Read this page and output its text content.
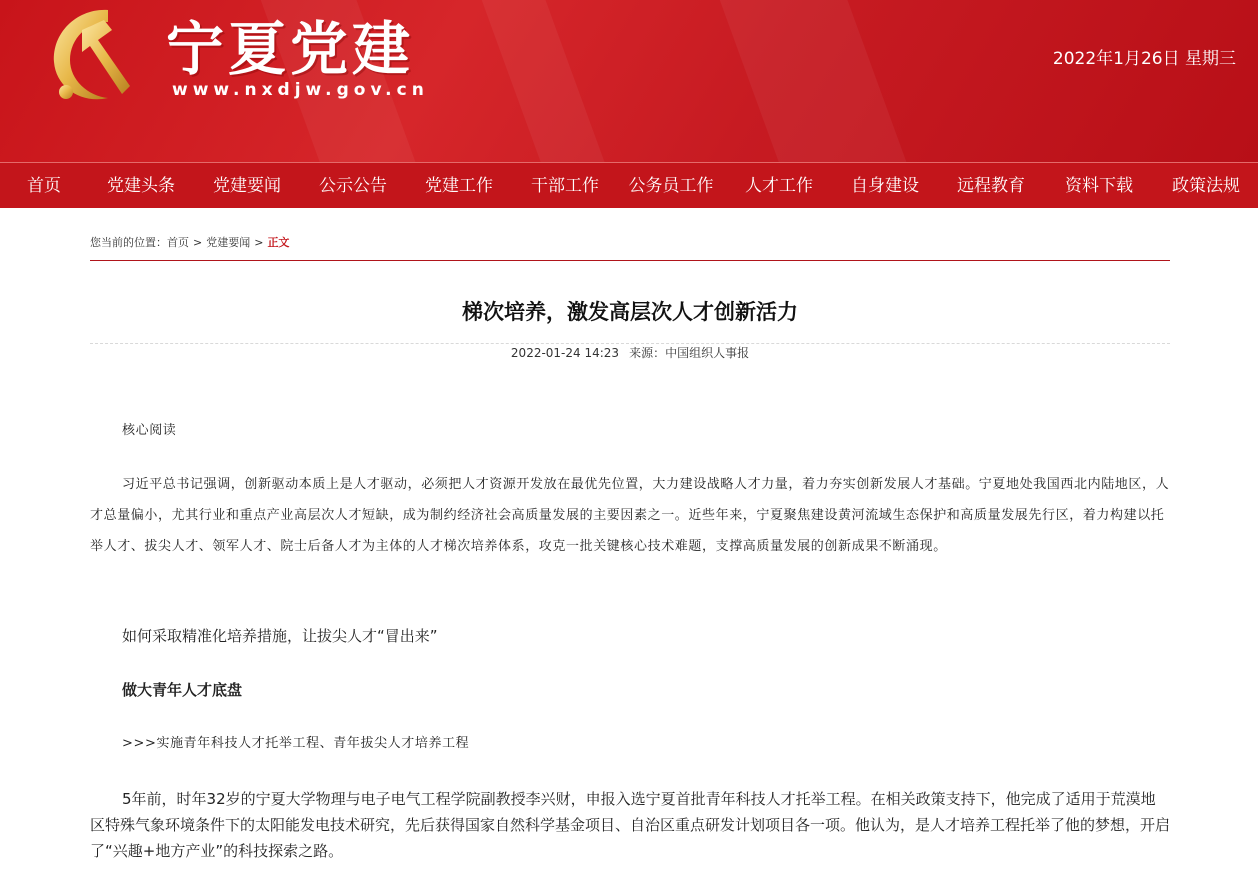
宁夏党建
www.nxdjw.gov.cn
2022年1月26日 星期三
首页	党建头条	党建要闻	公示公告	党建工作	干部工作	公务员工作	人才工作	自身建设	远程教育	资料下载	政策法规
您当前的位置：首页 > 党建要闻 > 正文
梯次培养，激发高层次人才创新活力
2022-01-24 14:23 来源：中国组织人事报
核心阅读
习近平总书记强调，创新驱动本质上是人才驱动，必须把人才资源开发放在最优先位置，大力建设战略人才力量，着力夯实创新发展人才基础。宁夏地处我国西北内陆地区，人才总量偏小，尤其行业和重点产业高层次人才短缺，成为制约经济社会高质量发展的主要因素之一。近些年来，宁夏聚焦建设黄河流域生态保护和高质量发展先行区，着力构建以托举人才、拔尖人才、领军人才、院士后备人才为主体的人才梯次培养体系，攻克一批关键核心技术难题，支撑高质量发展的创新成果不断涌现。
如何采取精准化培养措施，让拔尖人才“冒出来”
做大青年人才底盘
>>>实施青年科技人才托举工程、青年拔尖人才培养工程
5年前，时年32岁的宁夏大学物理与电子电气工程学院副教授李兴财，申报入选宁夏首批青年科技人才托举工程。在相关政策支持下，他完成了适用于荒漠地区特殊气象环境条件下的太阳能发电技术研究，先后获得国家自然科学基金项目、自治区重点研发计划项目各一项。他认为，是人才培养工程托举了他的梦想，开启了“兴趣+地方产业”的科技探索之路。
